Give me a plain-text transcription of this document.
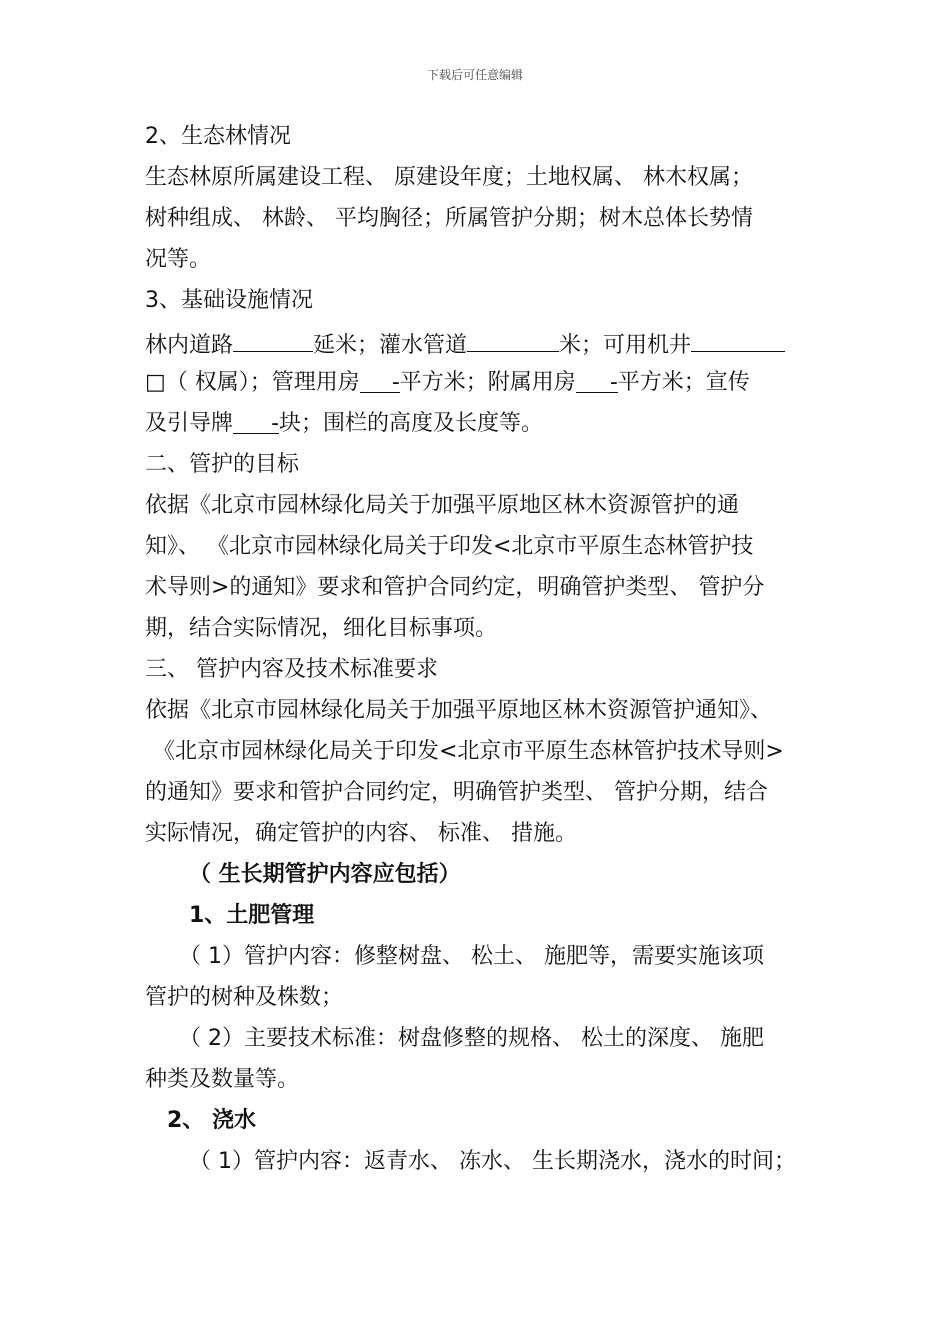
下载后可任意编辑
2、生态林情况
生态林原所属建设工程、 原建设年度；土地权属、 林木权属；
树种组成、 林龄、 平均胸径；所属管护分期；树木总体长势情
况等。
3、基础设施情况
林内道路	延米；灌水管道	米；可用机井
□（ 权属）；管理用房 -平方米；附属用房 -平方米；宣传
及引导牌 -块；围栏的高度及长度等。
二、管护的目标
依据《北京市园林绿化局关于加强平原地区林木资源管护的通
知》、 《北京市园林绿化局关于印发<北京市平原生态林管护技
术导则>的通知》要求和管护合同约定，明确管护类型、 管护分
期，结合实际情况，细化目标事项。
三、 管护内容及技术标准要求
依据《北京市园林绿化局关于加强平原地区林木资源管护通知》、
《北京市园林绿化局关于印发<北京市平原生态林管护技术导则>
的通知》要求和管护合同约定，明确管护类型、 管护分期，结合
实际情况，确定管护的内容、 标准、 措施。
（ 生长期管护内容应包括）
1、土肥管理
（ 1）管护内容：修整树盘、 松土、 施肥等，需要实施该项
管护的树种及株数；
（ 2）主要技术标准：树盘修整的规格、 松土的深度、 施肥
种类及数量等。
2、 浇水
（ 1）管护内容：返青水、 冻水、 生长期浇水，浇水的时间；
